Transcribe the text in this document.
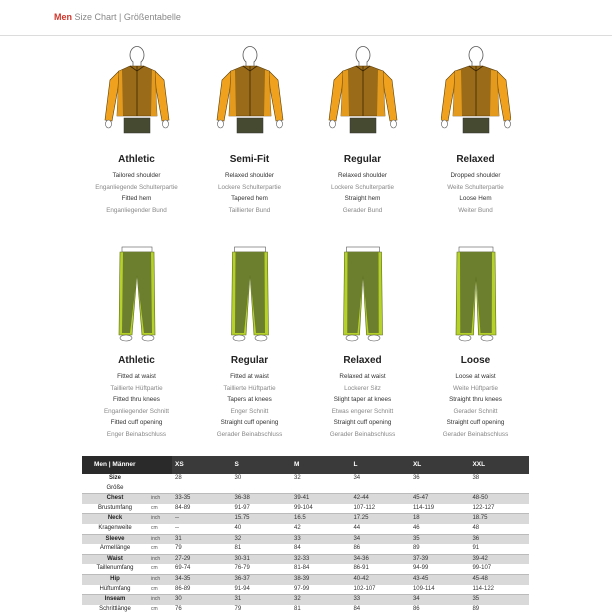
Men Size Chart | Größentabelle
Athletic
Tailored shoulder
Enganliegende Schulterpartie
Fitted hem
Enganliegender Bund
Semi-Fit
Relaxed shoulder
Lockere Schulterpartie
Tapered hem
Taillierter Bund
Regular
Relaxed shoulder
Lockere Schulterpartie
Straight hem
Gerader Bund
Relaxed
Dropped shoulder
Weite Schulterpartie
Loose Hem
Weiter Bund
Athletic
Fitted at waist
Taillierte Hüftpartie
Fitted thru knees
Enganliegender Schnitt
Fitted cuff opening
Enger Beinabschluss
Regular
Fitted at waist
Taillierte Hüftpartie
Tapers at knees
Enger Schnitt
Straight cuff opening
Gerader Beinabschluss
Relaxed
Relaxed at waist
Lockerer Sitz
Slight taper at knees
Etwas engerer Schnitt
Straight cuff opening
Gerader Beinabschluss
Loose
Loose at waist
Weite Hüftpartie
Straight thru knees
Gerader Schnitt
Straight cuff opening
Gerader Beinabschluss
Men | Männer		XS	S	M	L	XL	XXL
Size		28	30	32	34	36	38
Größe							
Chest	inch	33-35	36-38	39-41	42-44	45-47	48-50
Brustumfang	cm	84-89	91-97	99-104	107-112	114-119	122-127
Neck	inch	--	15.75	16.5	17.25	18	18.75
Kragenweite	cm	--	40	42	44	46	48
Sleeve	inch	31	32	33	34	35	36
Ärmellänge	cm	79	81	84	86	89	91
Waist	inch	27-29	30-31	32-33	34-36	37-39	39-42
Taillenumfang	cm	69-74	76-79	81-84	86-91	94-99	99-107
Hip	inch	34-35	36-37	38-39	40-42	43-45	45-48
Hüftumfang	cm	86-89	91-94	97-99	102-107	109-114	114-122
Inseam	inch	30	31	32	33	34	35
Schrittlänge	cm	76	79	81	84	86	89
